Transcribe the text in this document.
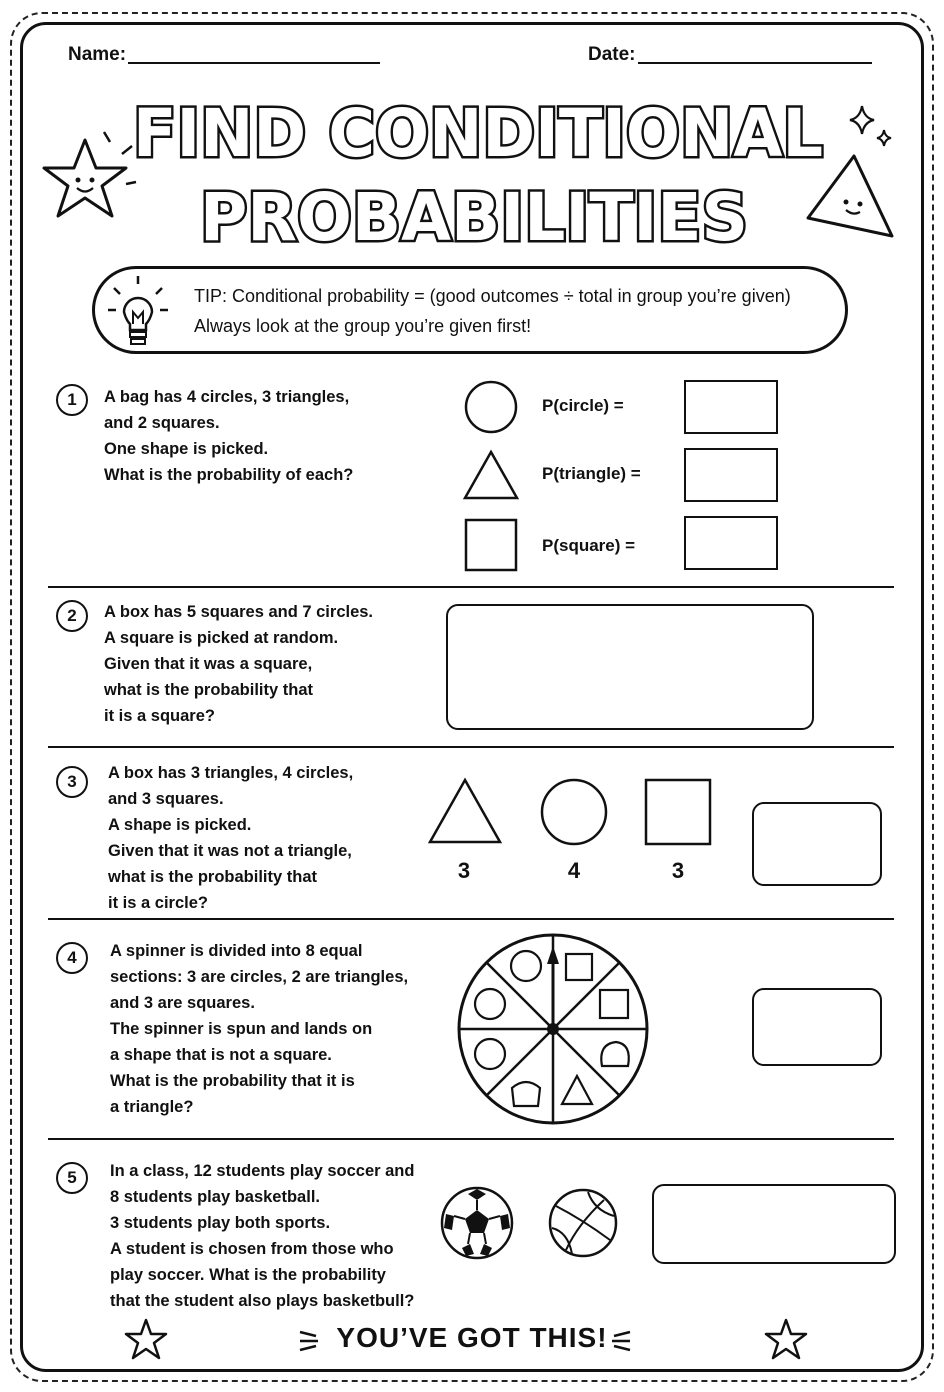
Name:	Date:
FIND CONDITIONAL
PROBABILITIES
TIP: Conditional probability = (good outcomes ÷ total in group you’re given)
Always look at the group you’re given first!
1	A bag has 4 circles, 3 triangles,
and 2 squares.
One shape is picked.
What is the probability of each?
P(circle) =
P(triangle) =
P(square) =
2	A box has 5 squares and 7 circles.
A square is picked at random.
Given that it was a square,
what is the probability that
it is a square?
3	A box has 3 triangles, 4 circles,
and 3 squares.
A shape is picked.
Given that it was not a triangle,
what is the probability that
it is a circle?
3	4	3
4	A spinner is divided into 8 equal
sections: 3 are circles, 2 are triangles,
and 3 are squares.
The spinner is spun and lands on
a shape that is not a square.
What is the probability that it is
a triangle?
5	In a class, 12 students play soccer and
8 students play basketball.
3 students play both sports.
A student is chosen from those who
play soccer. What is the probability
that the student also plays basketbull?
YOU’VE GOT THIS!
